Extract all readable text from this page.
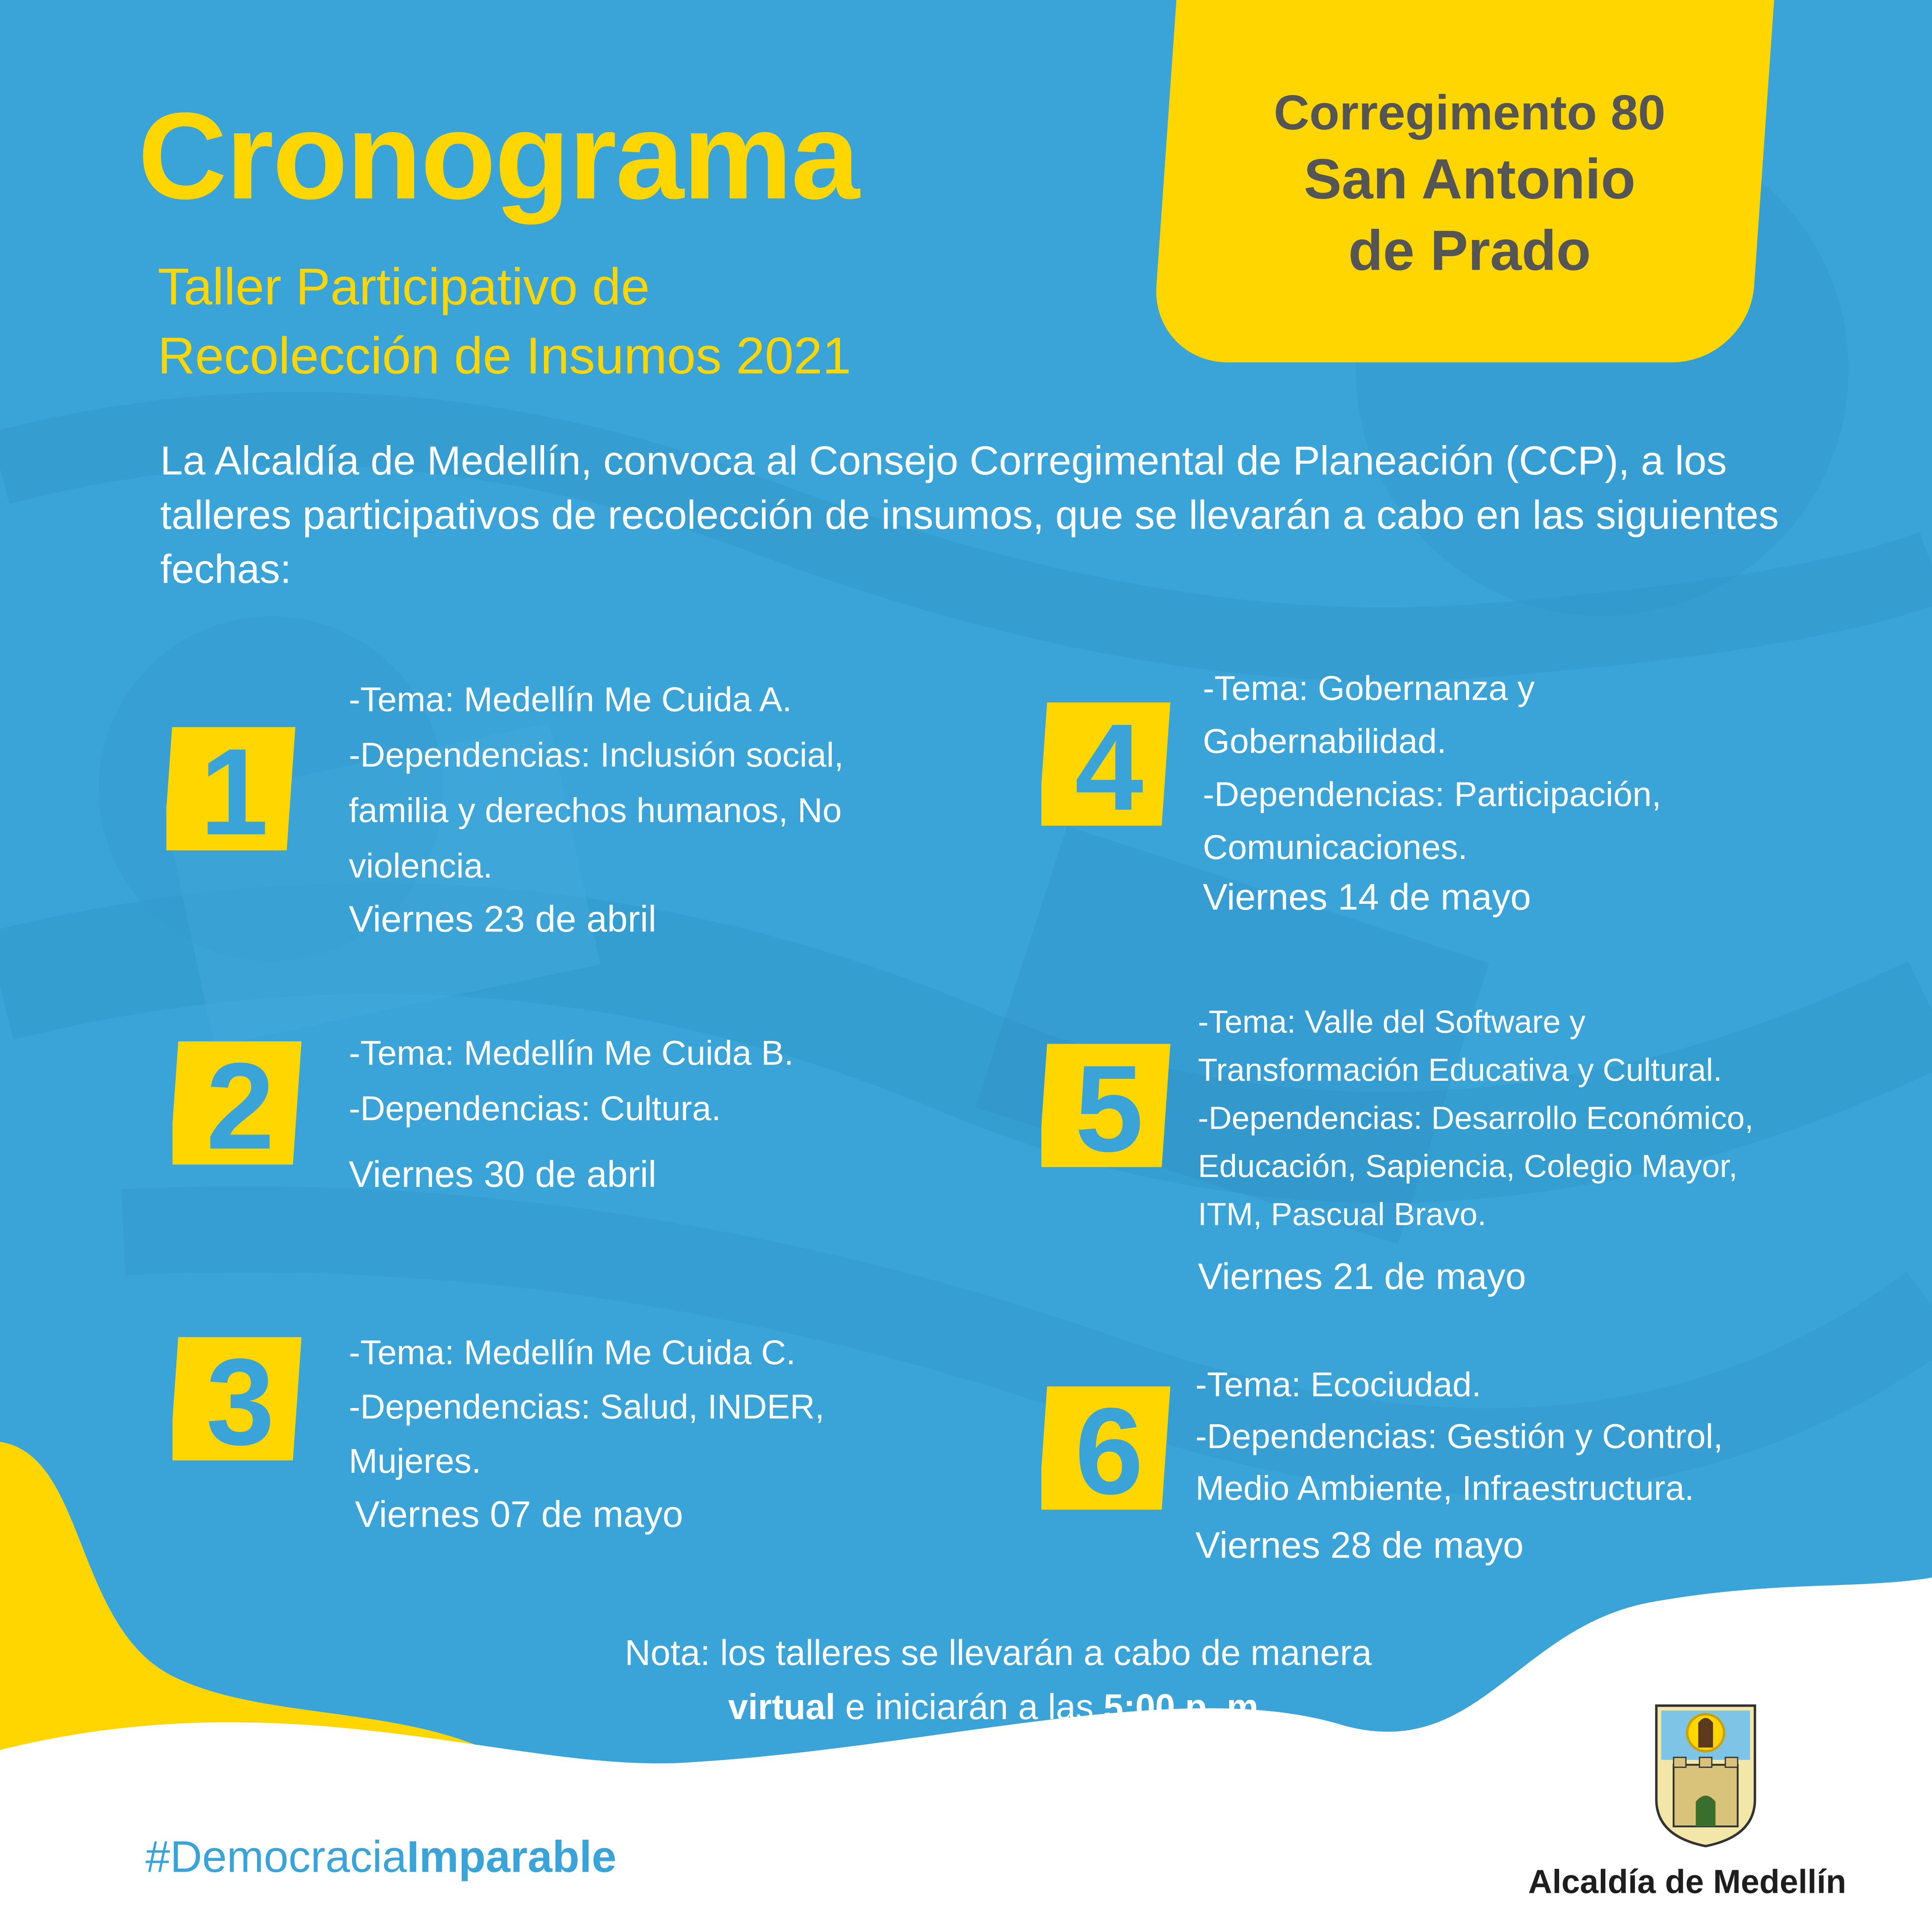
Corregimento 80
San Antonio
de Prado
Cronograma
Taller Participativo de
Recolección de Insumos 2021
La Alcaldía de Medellín, convoca al Consejo Corregimental de Planeación (CCP), a los talleres participativos de recolección de insumos, que se llevarán a cabo en las siguientes fechas:
1
-Tema: Medellín Me Cuida A.
-Dependencias: Inclusión social,
familia y derechos humanos, No
violencia.
Viernes 23 de abril
2	-Tema: Medellín Me Cuida B.
-Dependencias: Cultura.
Viernes 30 de abril
3	-Tema: Medellín Me Cuida C.
-Dependencias: Salud, INDER,
Mujeres.
Viernes 07 de mayo
4
-Tema: Gobernanza y
Gobernabilidad.
-Dependencias: Participación,
Comunicaciones.
Viernes 14 de mayo
5
-Tema: Valle del Software y
Transformación Educativa y Cultural.
-Dependencias: Desarrollo Económico,
Educación, Sapiencia, Colegio Mayor,
ITM, Pascual Bravo.
Viernes 21 de mayo
6	-Tema: Ecociudad.
-Dependencias: Gestión y Control,
Medio Ambiente, Infraestructura.
Viernes 28 de mayo
Nota: los talleres se llevarán a cabo de manera
virtual e iniciarán a las 5:00 p. m.
#DemocraciaImparable	Alcaldía de Medellín
